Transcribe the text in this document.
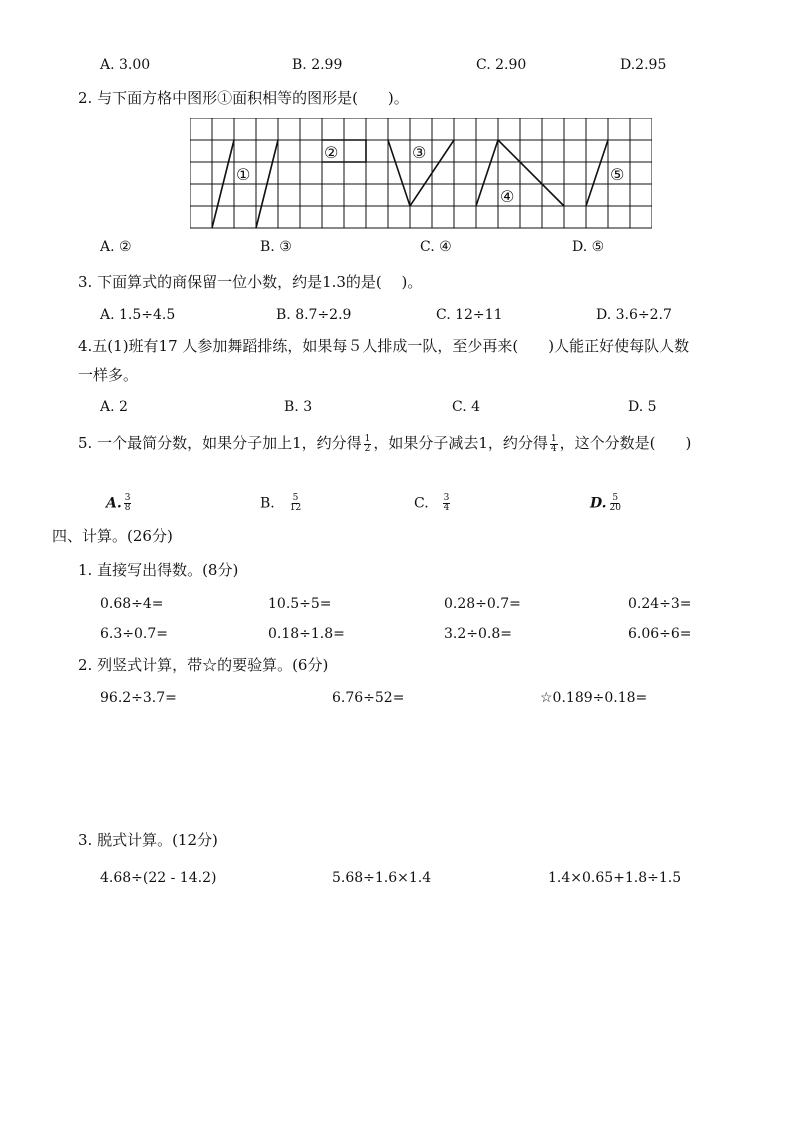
A. 3.00	B. 2.99	C. 2.90	D.2.95
2. 与下面方格中图形①面积相等的图形是(　　)。
①
②	③
④
⑤
A. ②	B. ③	C. ④	D. ⑤
3. 下面算式的商保留一位小数，约是1.3的是(　 )。
A. 1.5÷4.5	B. 8.7÷2.9	C. 12÷11	D. 3.6÷2.7
4.五(1)班有17 人参加舞蹈排练，如果每５人排成一队，至少再来(　　)人能正好使每队人数
一样多。
A. 2	B. 3	C. 4	D. 5
5. 一个最简分数，如果分子加上1，约分得 $\frac{1}{2}$ ，如果分子减去1，约分得 $\frac{1}{4}$ ，这个分数是(　　)
A. $\frac{3}{8}$	B. $\frac{5}{12}$	C. $\frac{3}{4}$	D. $\frac{5}{20}$
四、计算。(26分)
1. 直接写出得数。(8分)
0.68÷4=	10.5÷5=	0.28÷0.7=	0.24÷3=
6.3÷0.7=	0.18÷1.8=	3.2÷0.8=	6.06÷6=
2. 列竖式计算，带☆的要验算。(6分)
96.2÷3.7=	6.76÷52=	☆0.189÷0.18=
3. 脱式计算。(12分)
4.68÷(22 - 14.2)	5.68÷1.6×1.4	1.4×0.65+1.8÷1.5
